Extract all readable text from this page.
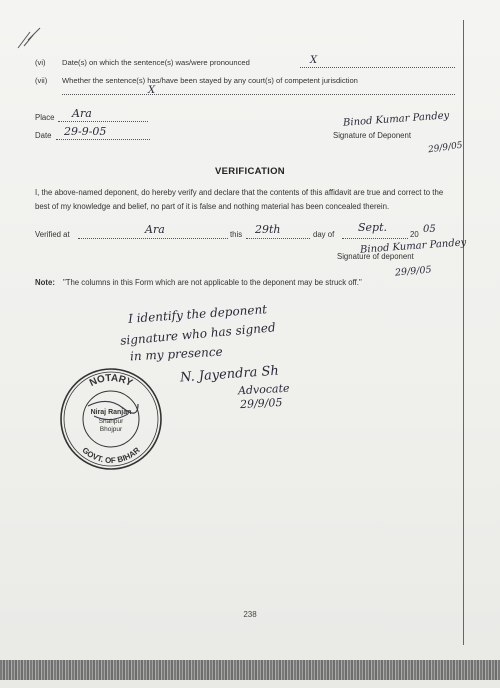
(vi) Date(s) on which the sentence(s) was/were pronounced	X
(vii) Whether the sentence(s) has/have been stayed by any court(s) of competent jurisdiction
X
Place Ara
Date 29-9-05
Binod Kumar Pandey
Signature of Deponent
29/9/05
VERIFICATION
I, the above-named deponent, do hereby verify and declare that the contents of this affidavit are true and correct to the best of my knowledge and belief, no part of it is false and nothing material has been concealed therein.
Verified at	Ara	this 29th	day of
Sept.
20 05
Binod Kumar Pandey
Signature of deponent
29/9/05
Note: "The columns in this Form which are not applicable to the deponent may be struck off."
I identify the deponent
signature who has signed
in my presence
N. Jayendra Sh
Advocate
29/9/05
NOTARY
GOVT. OF BIHAR
Niraj Ranjan
Shahpur
Bhojpur
238
